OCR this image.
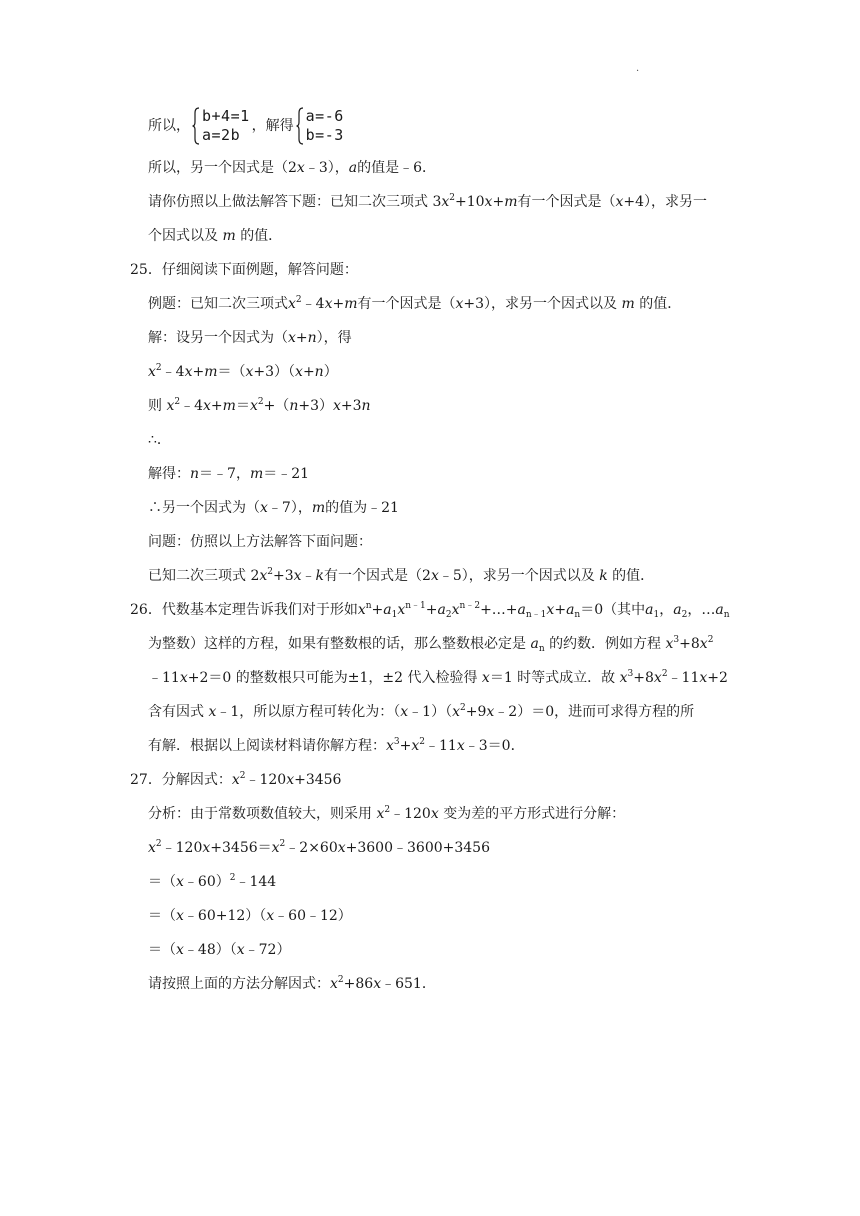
·
所以，
b+4=1
a=2b ，解得
a=-6
b=-3
所以，另一个因式是（2x﹣3），a的值是﹣6．
请你仿照以上做法解答下题：已知二次三项式 $3x^2+10x+m$有一个因式是（x+4），求另一
个因式以及 m 的值．
25．仔细阅读下面例题，解答问题：
例题：已知二次三项式$x^2﹣4x+m$有一个因式是（x+3），求另一个因式以及 m 的值．
解：设另一个因式为（x+n），得
$x^2﹣4x+m=(x+3)(x+n)$
则 $x^2﹣4x+m=x^2+(n+3)x+3n$
∴．
解得：n＝﹣7，m＝﹣21
∴另一个因式为（x﹣7），m的值为﹣21
问题：仿照以上方法解答下面问题：
已知二次三项式 $2x^2+3x﹣k$有一个因式是（2x﹣5），求另一个因式以及 k 的值．
26．代数基本定理告诉我们对于形如$x^n+a_1x^{n﹣1}+a_2x^{n﹣2}+\dots+a_{n﹣1}x+a_n=0$（其中$a_1$，$a_2$，$\dots a_n$
为整数）这样的方程，如果有整数根的话，那么整数根必定是 $a_n$ 的约数．例如方程 $x^3+8x^2$
﹣11x+2＝0 的整数根只可能为±1，±2 代入检验得 x＝1 时等式成立．故 $x^3+8x^2﹣11x+2$
含有因式 x﹣1，所以原方程可转化为：$(x﹣1)(x^2+9x﹣2)=0$，进而可求得方程的所
有解．根据以上阅读材料请你解方程：$x^3+x^2﹣11x﹣3=0$．
27．分解因式：$x^2﹣120x+3456$
分析：由于常数项数值较大，则采用 $x^2﹣120x$ 变为差的平方形式进行分解：
$x^2﹣120x+3456=x^2﹣2\times 60x+3600﹣3600+3456$
＝（x﹣60）$^2$﹣144
＝（x﹣60+12）（x﹣60﹣12）
＝（x﹣48）（x﹣72）
请按照上面的方法分解因式：$x^2+86x﹣651$．
